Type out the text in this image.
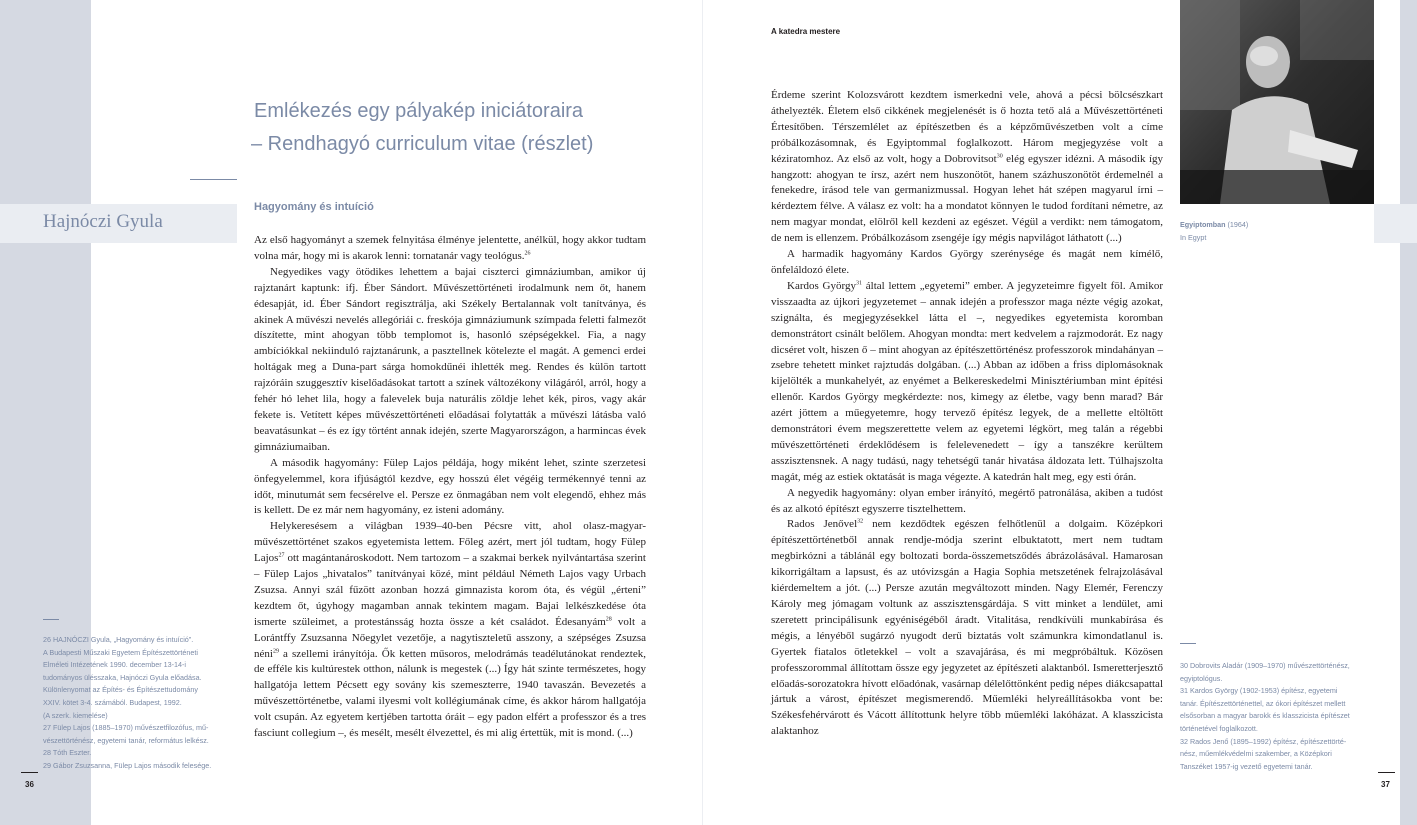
Hajnóczi Gyula
Emlékezés egy pályakép iniciátoraira
– Rendhagyó curriculum vitae (részlet)
Hagyomány és intuíció

Az első hagyományt a szemek felnyitása élménye jelentette, anélkül, hogy akkor tudtam volna már, hogy mi is akarok lenni: tornatanár vagy teológus.$^{26}$

Negyedikes vagy ötödikes lehettem a bajai ciszterci gimnáziumban, amikor új rajztanárt kaptunk: ifj. Éber Sándort. Művészettörténeti irodalmunk nem őt, hanem édesapját, id. Éber Sándort regisztrálja, aki Székely Bertalannak volt tanítványa, és akinek A művészi nevelés allegóriái c. freskója gimnáziumunk szímpada feletti falmezőt díszítette, mint ahogyan több templomot is, hasonló szépségekkel. Fia, a nagy ambíciókkal nekiinduló rajztanárunk, a pasztellnek kötelezte el magát. A gemenci erdei holtágak meg a Duna-part sárga homokdűnéi ihlették meg. Rendes és külön tartott rajzóráin szuggesztív kiselőadásokat tartott a színek változékony világáról, arról, hogy a fehér hó lehet lila, hogy a falevelek buja naturális zöldje lehet kék, piros, vagy akár fekete is. Vetített képes művészettörténeti előadásai folytatták a művészi látásba való beavatásunkat – és ez így történt annak idején, szerte Magyarországon, a harmincas évek gimnáziumaiban.

A második hagyomány: Fülep Lajos példája, hogy miként lehet, szinte szerzetesi önfegyelemmel, kora ifjúságtól kezdve, egy hosszú élet végéig termékennyé tenni az időt, minutumát sem fecsérelve el. Persze ez önmagában nem volt elegendő, ehhez más is kellett. De ez már nem hagyomány, ez isteni adomány.

Helykeresésem a világban 1939–40-ben Pécsre vitt, ahol olasz-magyar-művészettörténet szakos egyetemista lettem. Főleg azért, mert jól tudtam, hogy Fülep Lajos$^{27}$ ott magántanároskodott. Nem tartozom – a szakmai berkek nyilvántartása szerint – Fülep Lajos „hivatalos” tanítványai közé, mint például Németh Lajos vagy Urbach Zsuzsa. Annyi szál fűzött azonban hozzá gimnazista korom óta, és végül „érteni” kezdtem őt, úgyhogy magamban annak tekintem magam. Bajai lelkészkedése óta ismerte szüleimet, a protestánsság hozta össze a két családot. Édesanyám$^{28}$ volt a Lorántffy Zsuzsanna Nőegylet vezetője, a nagytiszteletű asszony, a szépséges Zsuzsa néni$^{29}$ a szellemi irányítója. Ők ketten műsoros, melodrámás teadélutánokat rendeztek, de efféle kis kultúrestek otthon, nálunk is megestek (...) Így hát szinte természetes, hogy hallgatója lettem Pécsett egy sovány kis szemeszterre, 1940 tavaszán. Bevezetés a művészettörténetbe, valami ilyesmi volt kollégiumának címe, és akkor három hallgatója volt csupán. Az egyetem kertjében tartotta óráit – egy padon elfért a professzor és a tres fasciunt collegium –, és mesélt, mesélt élvezettel, és mi alig értettük, mit is mond. (...)

26 HAJNÓCZI Gyula, „Hagyomány és intuíció”.
A Budapesti Műszaki Egyetem Építészettörténeti
Elméleti Intézetének 1990. december 13-14-i
tudományos ülésszaka, Hajnóczi Gyula előadása.
Különlenyomat az Építés- és Építészettudomány
XXIV. kötet 3-4. számából. Budapest, 1992.
(A szerk. kiemelése)
27 Fülep Lajos (1885–1970) művészetfilozófus, mű-
vészettörténész, egyetemi tanár, református lelkész.
28 Tóth Eszter.
29 Gábor Zsuzsanna, Fülep Lajos második felesége.
36
A katedra mestere

Érdeme szerint Kolozsvárott kezdtem ismerkedni vele, ahová a pécsi bölcsészkart áthelyezték. Életem első cikkének megjelenését is ő hozta tető alá a Művészettörténeti Értesítőben. Térszemlélet az építészetben és a képzőművészetben volt a címe próbálkozásomnak, és Egyiptommal foglalkozott. Három megjegyzése volt a kéziratomhoz. Az első az volt, hogy a Dobrovitsot$^{30}$ elég egyszer idézni. A második így hangzott: ahogyan te írsz, azért nem huszonötöt, hanem százhuszonötöt érdemelnél a fenekedre, írásod tele van germanizmussal. Hogyan lehet hát szépen magyarul írni – kérdeztem félve. A válasz ez volt: ha a mondatot könnyen le tudod fordítani németre, az nem magyar mondat, elölről kell kezdeni az egészet. Végül a verdikt: nem támogatom, de nem is ellenzem. Próbálkozásom zsengéje így mégis napvilágot láthatott (...)

A harmadik hagyomány Kardos György szerénysége és magát nem kímélő, önfeláldozó élete.

Kardos György$^{31}$ által lettem „egyetemi” ember. A jegyzeteimre figyelt föl. Amikor visszaadta az újkori jegyzetemet – annak idején a professzor maga nézte végig azokat, szignálta, és megjegyzésekkel látta el –, negyedikes egyetemista koromban demonstrátort csinált belőlem. Ahogyan mondta: mert kedvelem a rajzmodorát. Ez nagy dicséret volt, hiszen ő – mint ahogyan az építészettörténész professzorok mindahányan – zsebre tehetett minket rajztudás dolgában. (...) Abban az időben a friss diplomásoknak kijelölték a munkahelyét, az enyémet a Belkereskedelmi Minisztériumban mint építési ellenőr. Kardos György megkérdezte: nos, kimegy az életbe, vagy benn marad? Bár azért jöttem a műegyetemre, hogy tervező építész legyek, de a mellette eltöltött demonstrátori évem megszerettette velem az egyetemi légkört, meg talán a régebbi művészettörténeti érdeklődésem is felelevenedett – így a tanszékre kerültem asszisztensnek. A nagy tudású, nagy tehetségű tanár hivatása áldozata lett. Túlhajszolta magát, még az estiek oktatását is maga végezte. A katedrán halt meg, egy esti órán.

A negyedik hagyomány: olyan ember irányító, megértő patronálása, akiben a tudóst és az alkotó építészt egyszerre tisztelhettem.

Rados Jenővel$^{32}$ nem kezdődtek egészen felhőtlenül a dolgaim. Középkori építészettörténetből annak rendje-módja szerint elbuktatott, mert nem tudtam megbirkózni a táblánál egy boltozati borda-összemetsződés ábrázolásával. Hamarosan kikorrigáltam a lapsust, és az utóvizsgán a Hagia Sophia metszetének felrajzolásával kiérdemeltem a jót. (...) Persze azután megváltozott minden. Nagy Elemér, Ferenczy Károly meg jómagam voltunk az asszisztensgárdája. S vitt minket a lendület, ami szeretett principálisunk egyéniségéből áradt. Vitalitása, rendkívüli munkabírása és mégis, a lényéből sugárzó nyugodt derű biztatás volt számunkra kimondatlanul is. Gyertek fiatalos ötletekkel – volt a szavajárása, és mi megpróbáltuk. Közösen professzorommal állítottam össze egy jegyzetet az építészeti alaktanból. Ismeretterjesztő előadás-sorozatokra hívott előadónak, vasárnap délelőttönként pedig népes diákcsapattal jártuk a várost, építészet megismerendő. Műemléki helyreállításokba vont be: Székesfehérvárott és Vácott állítottunk helyre több műemléki lakóházat. A klasszicista alaktanhoz

Egyiptomban (1964)
In Egypt
30 Dobrovits Aladár (1909–1970) művészettörténész,
egyiptológus.
31 Kardos György (1902-1953) építész, egyetemi
tanár. Építészettörténettel, az ókori építészet mellett
elsősorban a magyar barokk és klasszicista építészet
történetével foglalkozott.
32 Rados Jenő (1895–1992) építész, építészettörté-
nész, műemlékvédelmi szakember, a Középkori
Tanszéket 1957-ig vezető egyetemi tanár.
37
